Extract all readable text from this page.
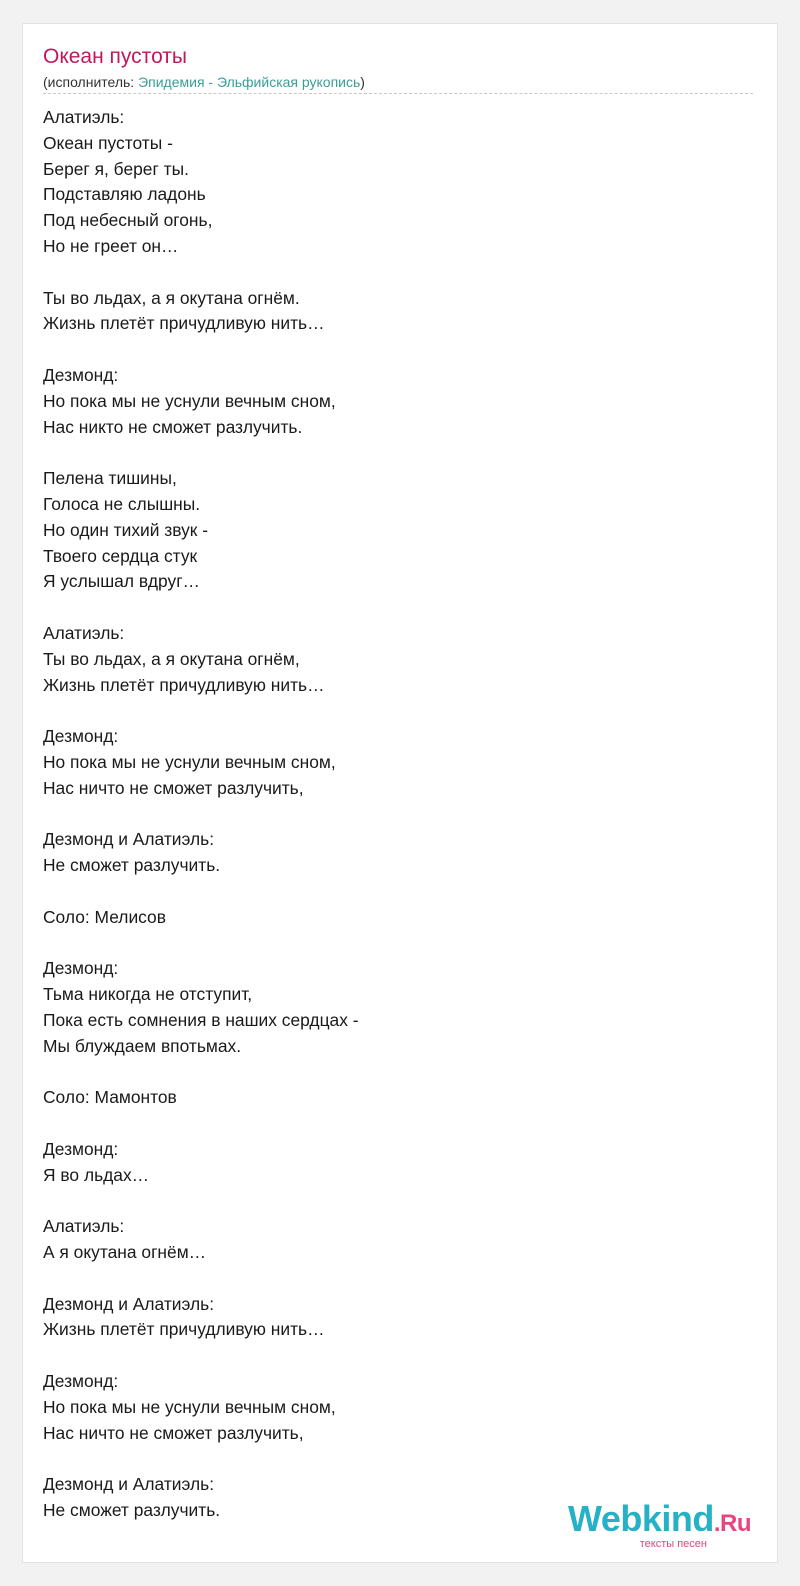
Океан пустоты
(исполнитель: Эпидемия - Эльфийская рукопись)
Алатиэль:
Океан пустоты -
Берег я, берег ты.
Подставляю ладонь
Под небесный огонь,
Но не греет он…
Ты во льдах, а я окутана огнём.
Жизнь плетёт причудливую нить…
Дезмонд:
Но пока мы не уснули вечным сном,
Нас никто не сможет разлучить.
Пелена тишины,
Голоса не слышны.
Но один тихий звук -
Твоего сердца стук
Я услышал вдруг…
Алатиэль:
Ты во льдах, а я окутана огнём,
Жизнь плетёт причудливую нить…
Дезмонд:
Но пока мы не уснули вечным сном,
Нас ничто не сможет разлучить,
Дезмонд и Алатиэль:
Не сможет разлучить.
Соло: Мелисов
Дезмонд:
Тьма никогда не отступит,
Пока есть сомнения в наших сердцах -
Мы блуждаем впотьмах.
Соло: Мамонтов
Дезмонд:
Я во льдах…
Алатиэль:
А я окутана огнём…
Дезмонд и Алатиэль:
Жизнь плетёт причудливую нить…
Дезмонд:
Но пока мы не уснули вечным сном,
Нас ничто не сможет разлучить,
Дезмонд и Алатиэль:
Не сможет разлучить.	Webkind.Ru
тексты песен
